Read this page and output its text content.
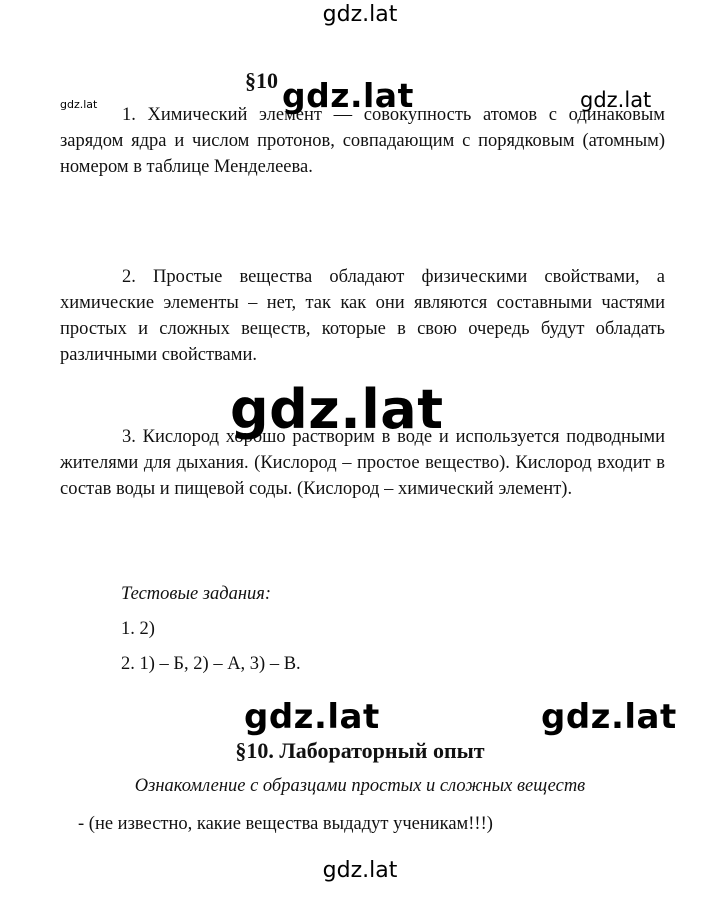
gdz.lat
§10
1. Химический элемент — совокупность атомов с одинаковым зарядом ядра и числом протонов, совпадающим с порядковым (атомным) номером в таблице Менделеева.
2. Простые вещества обладают физическими свойствами, а химические элементы – нет, так как они являются составными частями простых и сложных веществ, которые в свою очередь будут обладать различными свойствами.
3. Кислород хорошо растворим в воде и используется подводными жителями для дыхания. (Кислород – простое вещество). Кислород входит в состав воды и пищевой соды. (Кислород – химический элемент).
Тестовые задания:
1. 2)
2. 1) – Б, 2) – А, 3) – В.
§10. Лабораторный опыт
Ознакомление с образцами простых и сложных веществ
- (не известно, какие вещества выдадут ученикам!!!)
gdz.lat	gdz.lat
gdz.lat
gdz.lat
gdz.lat	gdz.lat
gdz.lat
